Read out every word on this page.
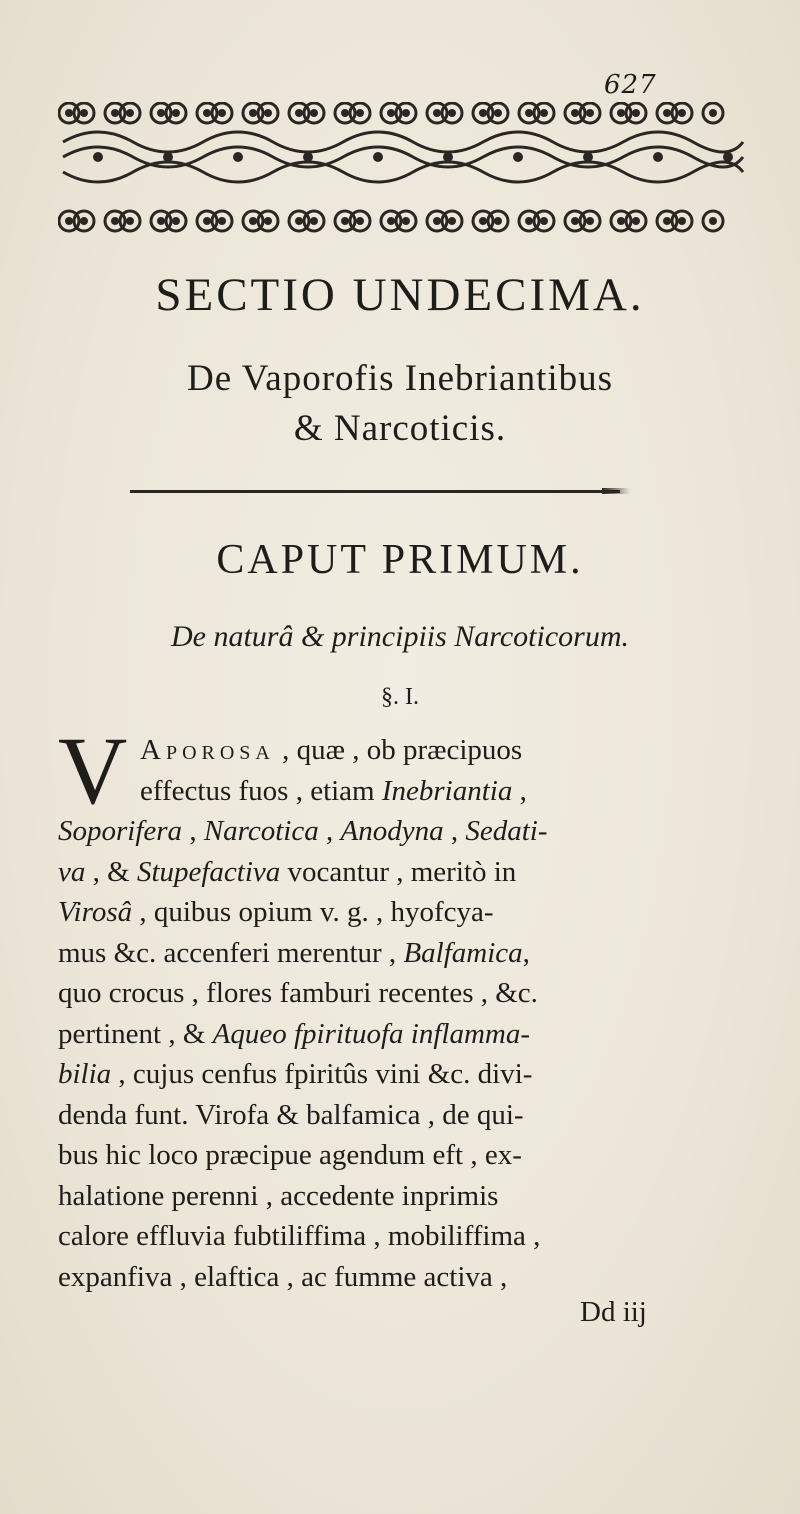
627
SECTIO UNDECIMA.
De Vaporofis Inebriantibus
& Narcoticis.
CAPUT PRIMUM.
De naturâ & principiis Narcoticorum.
§. I.
V Aporosa , quæ , ob præcipuos
effectus fuos , etiam Inebriantia ,
Soporifera , Narcotica , Anodyna , Sedati-
va , & Stupefactiva vocantur , meritò in
Virosâ , quibus opium v. g. , hyofcya-
mus &c. accenferi merentur , Balfamica,
quo crocus , flores famburi recentes , &c.
pertinent , & Aqueo fpirituofa inflamma-
bilia , cujus cenfus fpiritûs vini &c. divi-
denda funt. Virofa & balfamica , de qui-
bus hic loco præcipue agendum eft , ex-
halatione perenni , accedente inprimis
calore effluvia fubtiliffima , mobiliffima ,
expanfiva , elaftica , ac fumme activa ,
Dd iij
